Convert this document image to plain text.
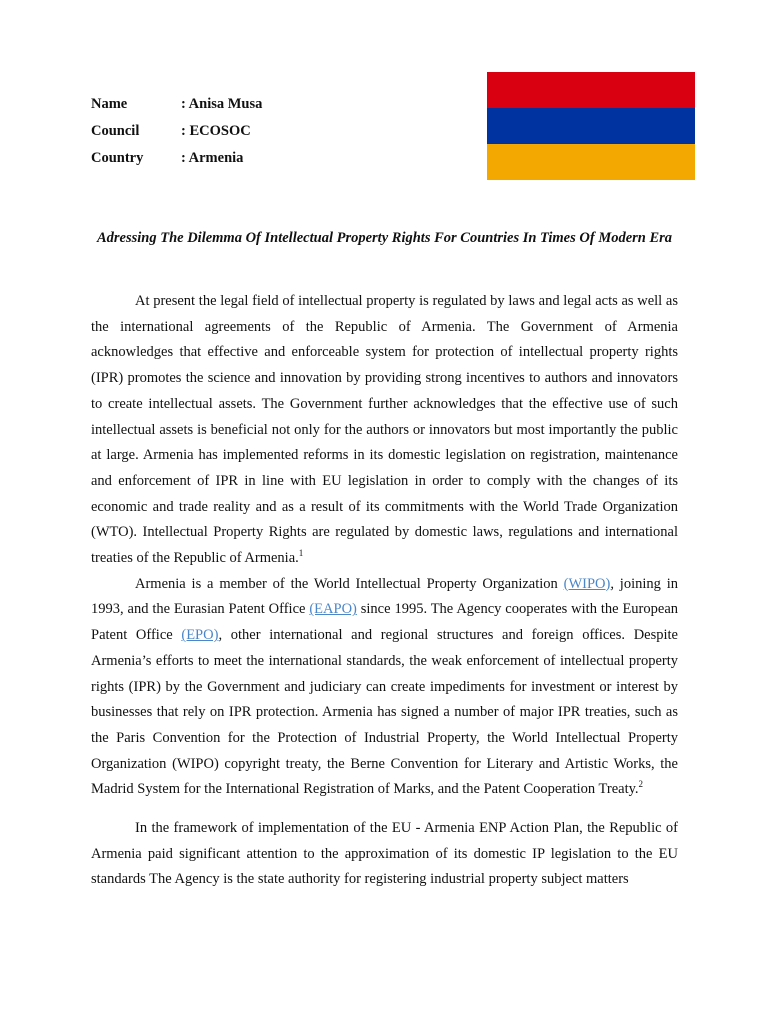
Name	: Anisa Musa
Council	: ECOSOC
Country	: Armenia
Adressing The Dilemma Of Intellectual Property Rights For Countries In Times Of Modern Era

At present the legal field of intellectual property is regulated by laws and legal acts as well as the international agreements of the Republic of Armenia. The Government of Armenia acknowledges that effective and enforceable system for protection of intellectual property rights (IPR) promotes the science and innovation by providing strong incentives to authors and innovators to create intellectual assets. The Government further acknowledges that the effective use of such intellectual assets is beneficial not only for the authors or innovators but most importantly the public at large. Armenia has implemented reforms in its domestic legislation on registration, maintenance and enforcement of IPR in line with EU legislation in order to comply with the changes of its economic and trade reality and as a result of its commitments with the World Trade Organization (WTO). Intellectual Property Rights are regulated by domestic laws, regulations and international treaties of the Republic of Armenia.$^1$

Armenia is a member of the World Intellectual Property Organization (WIPO), joining in 1993, and the Eurasian Patent Office (EAPO) since 1995. The Agency cooperates with the European Patent Office (EPO), other international and regional structures and foreign offices. Despite Armenia’s efforts to meet the international standards, the weak enforcement of intellectual property rights (IPR) by the Government and judiciary can create impediments for investment or interest by businesses that rely on IPR protection. Armenia has signed a number of major IPR treaties, such as the Paris Convention for the Protection of Industrial Property, the World Intellectual Property Organization (WIPO) copyright treaty, the Berne Convention for Literary and Artistic Works, the Madrid System for the International Registration of Marks, and the Patent Cooperation Treaty.$^2$

In the framework of implementation of the EU - Armenia ENP Action Plan, the Republic of Armenia paid significant attention to the approximation of its domestic IP legislation to the EU standards The Agency is the state authority for registering industrial property subject matters
